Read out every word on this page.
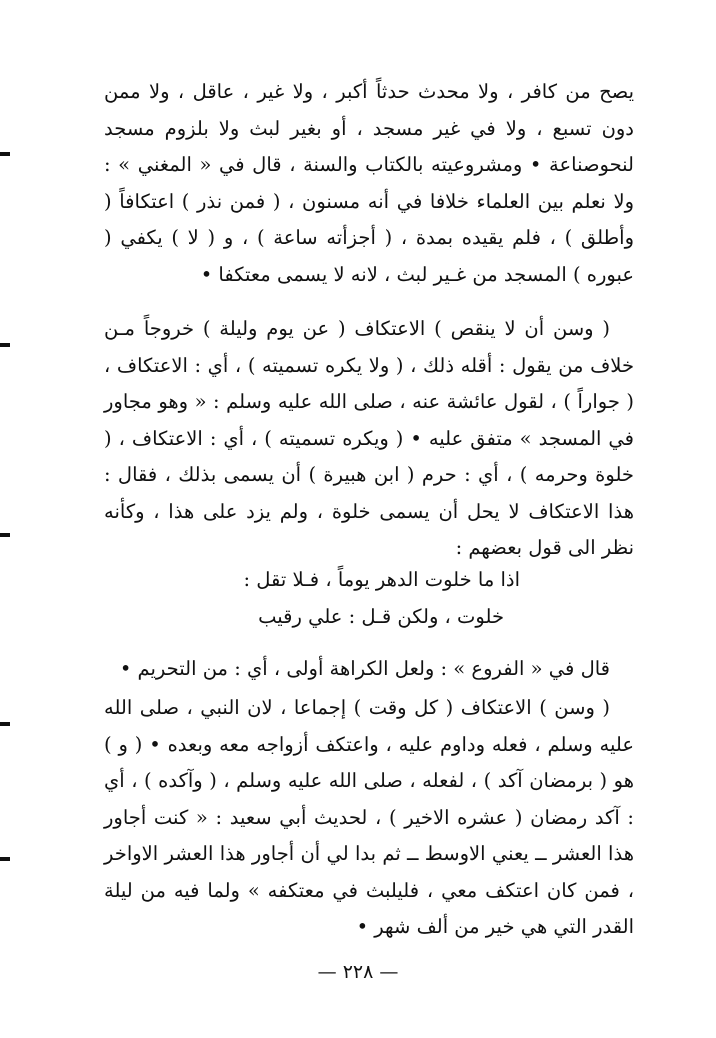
يصح من كافر ، ولا محدث حدثاً أكبر ، ولا غير ، عاقل ، ولا ممن دون تسبع ، ولا في غير مسجد ، أو بغير لبث ولا بلزوم مسجد لنحوصناعة • ومشروعيته بالكتاب والسنة ، قال في « المغني » : ولا نعلم بين العلماء خلافا في أنه مسنون ، ( فمن نذر ) اعتكافاً ( وأطلق ) ، فلم يقيده بمدة ، ( أجزأته ساعة ) ، و ( لا ) يكفي ( عبوره ) المسجد من غـير لبث ، لانه لا يسمى معتكفا •

( وسن أن لا ينقص ) الاعتكاف ( عن يوم وليلة ) خروجاً مـن خلاف من يقول : أقله ذلك ، ( ولا يكره تسميته ) ، أي : الاعتكاف ، ( جواراً ) ، لقول عائشة عنه ، صلى الله عليه وسلم : « وهو مجاور في المسجد » متفق عليه • ( ويكره تسميته ) ، أي : الاعتكاف ، ( خلوة وحرمه ) ، أي : حرم ( ابن هبيرة ) أن يسمى بذلك ، فقال : هذا الاعتكاف لا يحل أن يسمى خلوة ، ولم يزد على هذا ، وكأنه نظر الى قول بعضهم :

اذا ما خلوت الدهر يوماً ، فـلا تقل :
خلوت ، ولكن قـل : علي رقيب

قال في « الفروع » : ولعل الكراهة أولى ، أي : من التحريم •

( وسن ) الاعتكاف ( كل وقت ) إجماعا ، لان النبي ، صلى الله عليه وسلم ، فعله وداوم عليه ، واعتكف أزواجه معه وبعده • ( و ) هو ( برمضان آكد ) ، لفعله ، صلى الله عليه وسلم ، ( وآكده ) ، أي : آكد رمضان ( عشره الاخير ) ، لحديث أبي سعيد : « كنت أجاور هذا العشر ــ يعني الاوسط ــ ثم بدا لي أن أجاور هذا العشر الاواخر ، فمن كان اعتكف معي ، فليلبث في معتكفه » ولما فيه من ليلة القدر التي هي خير من ألف شهر •

— ٢٢٨ —
